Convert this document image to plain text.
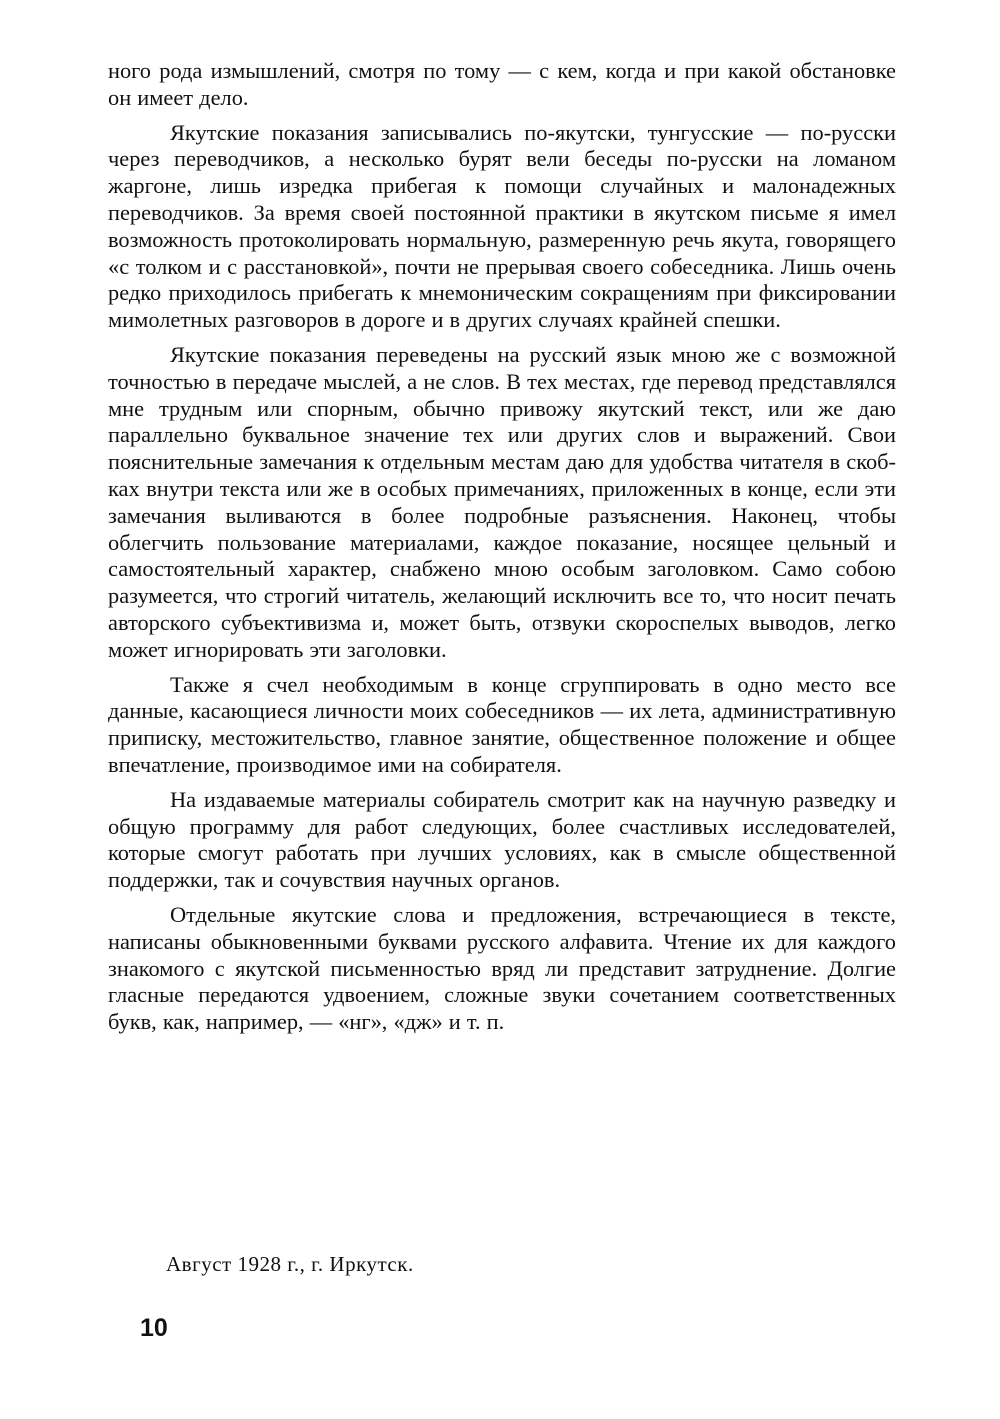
ного рода измышлений, смотря по тому — с кем, когда и при какой обстановке он имеет дело.

Якутские показания записывались по-якутски, тунгусские — по-русски через переводчиков, а несколько бурят вели беседы по-русски на ломаном жаргоне, лишь изредка прибегая к помощи случайных и малонадежных переводчиков. За время своей постоянной практики в якутском письме я имел возможность протоколировать нормальную, размеренную речь якута, говорящего «с толком и с расстановкой», почти не прерывая своего собеседника. Лишь очень редко приходилось прибегать к мнемоническим сокращениям при фиксировании мимолетных разговоров в дороге и в других случаях крайней спешки.

Якутские показания переведены на русский язык мною же с возможной точностью в передаче мыслей, а не слов. В тех местах, где перевод представлялся мне трудным или спорным, обычно привожу якутский текст, или же даю параллельно буквальное значение тех или других слов и выражений. Свои пояснительные замечания к отдельным местам даю для удобства читателя в скобках внутри текста или же в особых примечаниях, приложенных в конце, если эти замечания выливаются в более подробные разъяснения. Наконец, чтобы облегчить пользование материалами, каждое показание, носящее цельный и самостоятельный характер, снабжено мною особым заголовком. Само собою разумеется, что строгий читатель, желающий исключить все то, что носит печать авторского субъективизма и, может быть, отзвуки скороспелых выводов, легко может игнорировать эти заголовки.

Также я счел необходимым в конце сгруппировать в одно место все данные, касающиеся личности моих собеседников — их лета, административную приписку, местожительство, главное занятие, общественное положение и общее впечатление, производимое ими на собирателя.

На издаваемые материалы собиратель смотрит как на научную разведку и общую программу для работ следующих, более счастливых исследователей, которые смогут работать при лучших условиях, как в смысле общественной поддержки, так и сочувствия научных органов.

Отдельные якутские слова и предложения, встречающиеся в тексте, написаны обыкновенными буквами русского алфавита. Чтение их для каждого знакомого с якутской письменностью вряд ли представит затруднение. Долгие гласные передаются удвоением, сложные звуки сочетанием соответственных букв, как, например, — «нг», «дж» и т. п.

Август 1928 г., г. Иркутск.

10
